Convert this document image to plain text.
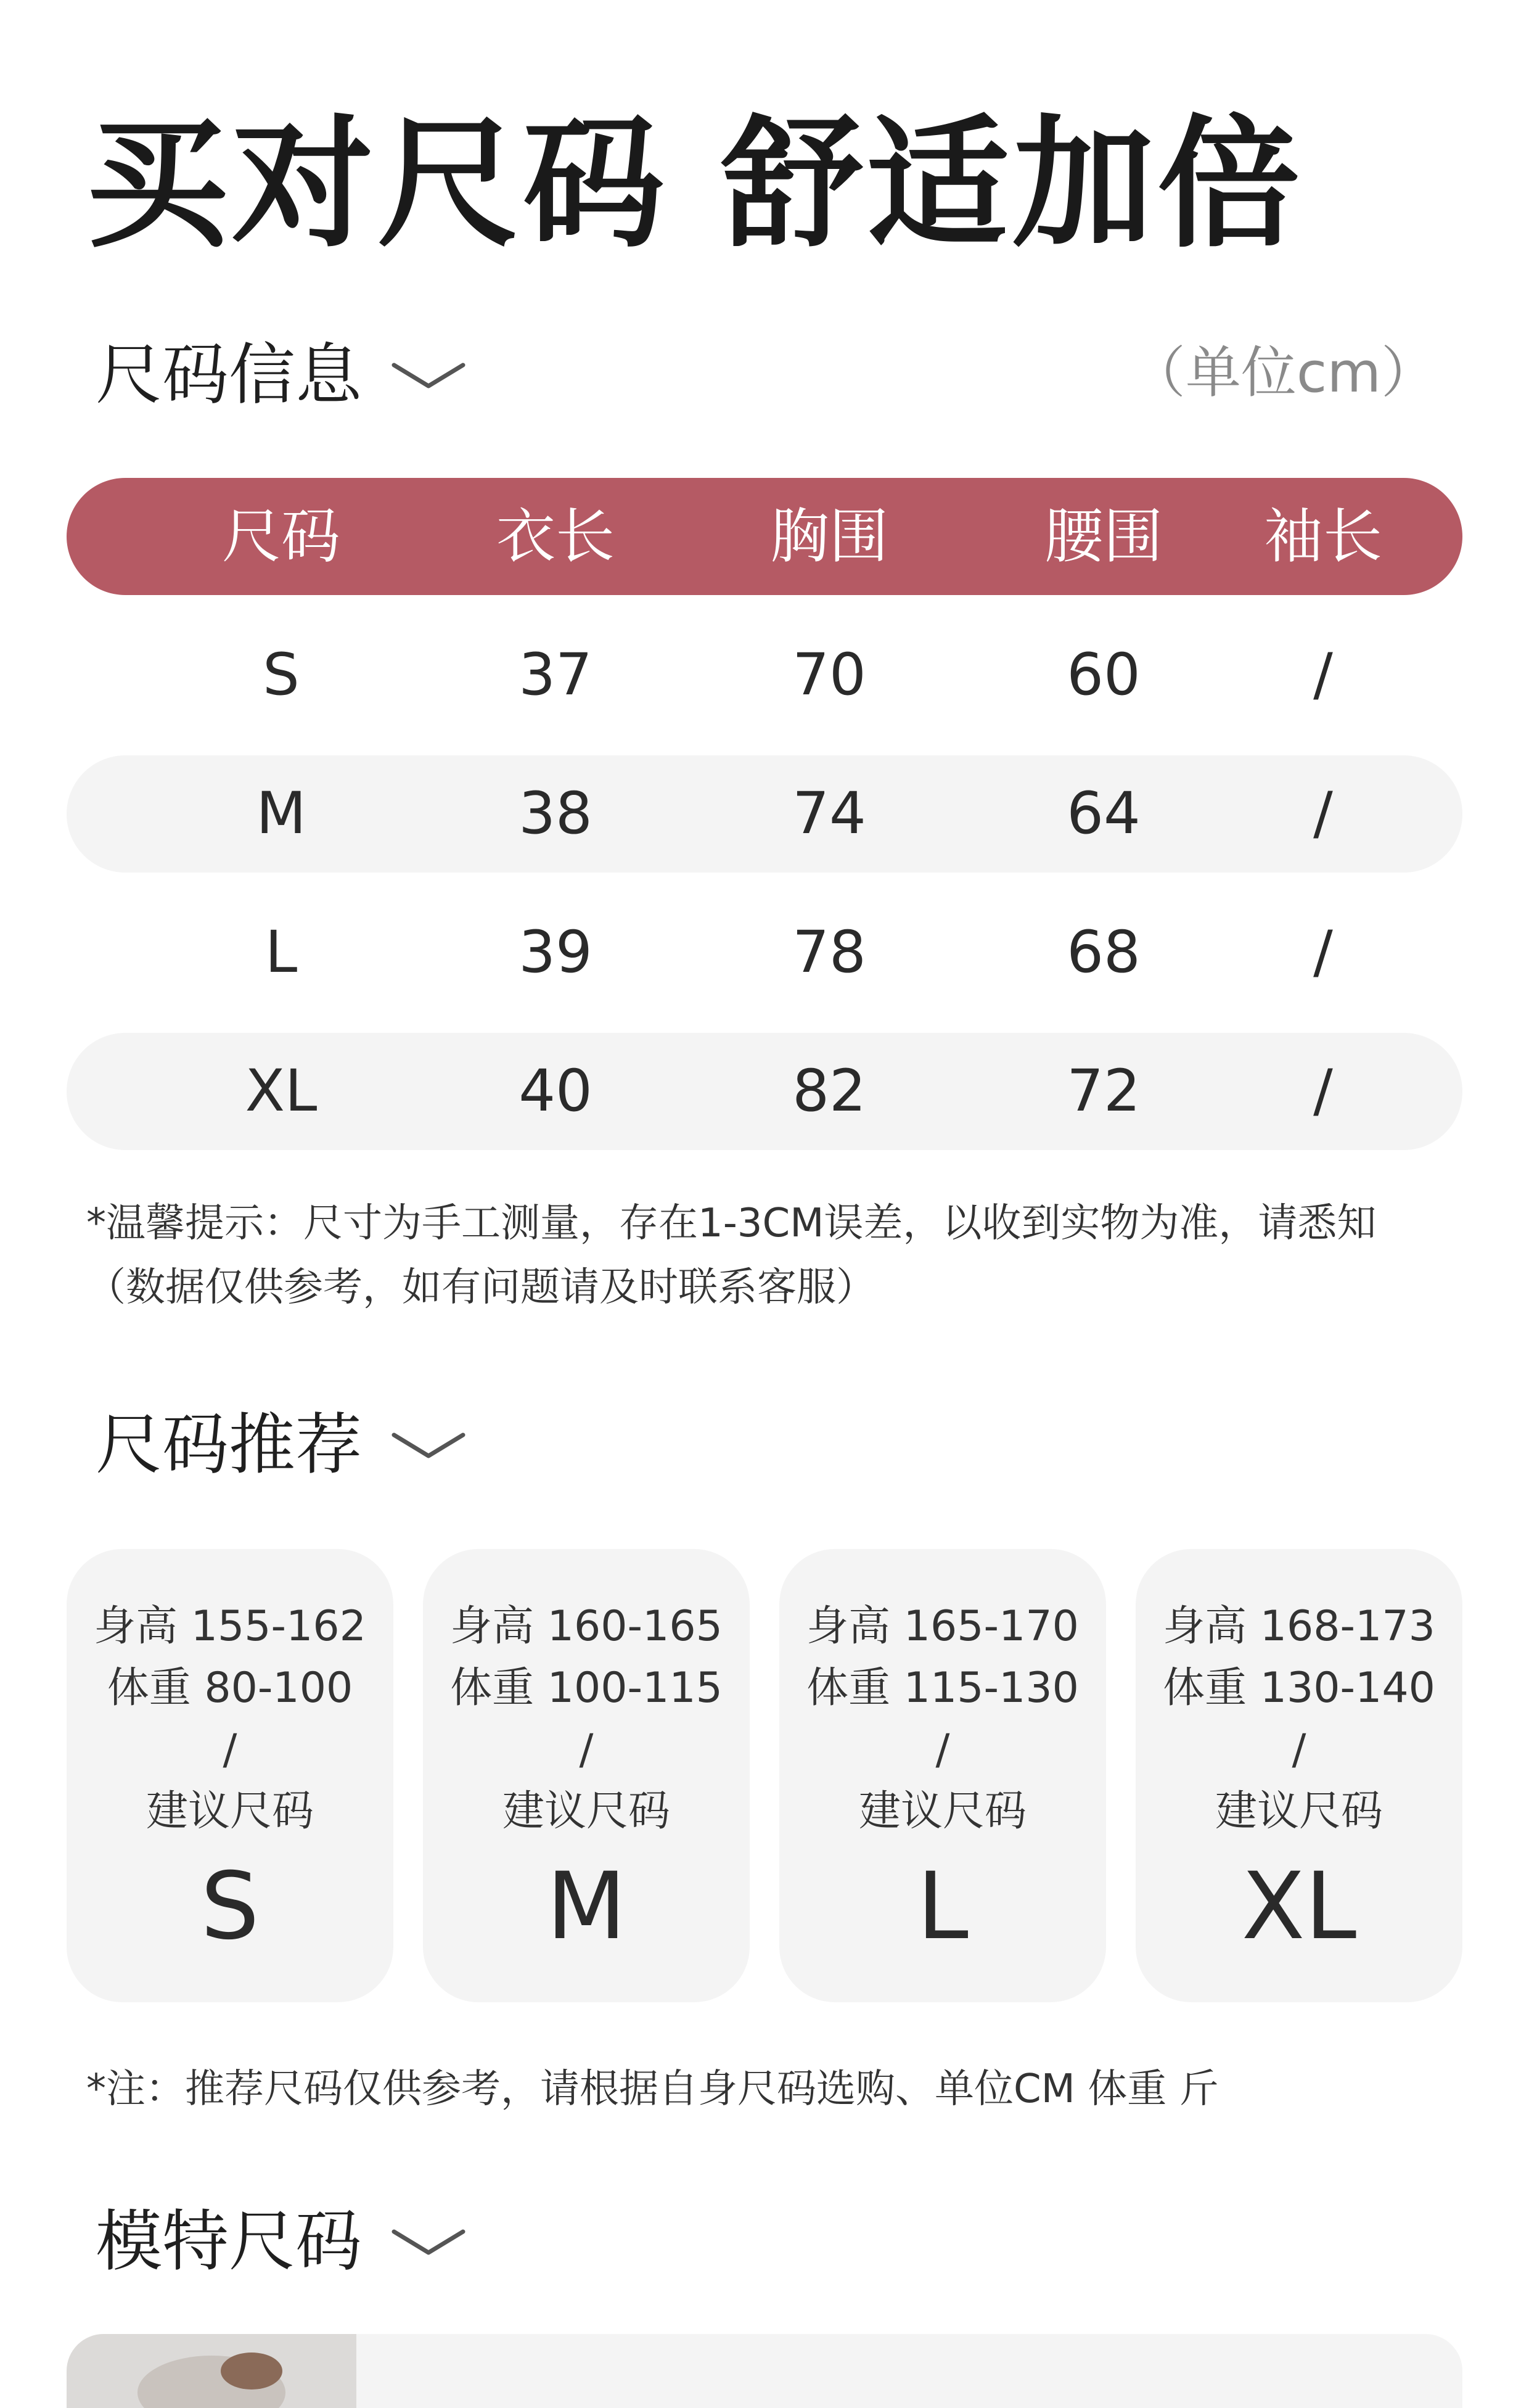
买对尺码 舒适加倍
尺码信息	（单位cm）
尺码	衣长	胸围	腰围	袖长
S	37	70	60	/
M	38	74	64	/
L	39	78	68	/
XL	40	82	72	/
*温馨提示：尺寸为手工测量，存在1-3CM误差，以收到实物为准，请悉知
（数据仅供参考，如有问题请及时联系客服）
尺码推荐
身高 155-162
体重 80-100
/
建议尺码
S
身高 160-165
体重 100-115
/
建议尺码
M
身高 165-170
体重 115-130
/
建议尺码
L
身高 168-173
体重 130-140
/
建议尺码
XL
*注：推荐尺码仅供参考，请根据自身尺码选购、单位CM 体重 斤
模特尺码
